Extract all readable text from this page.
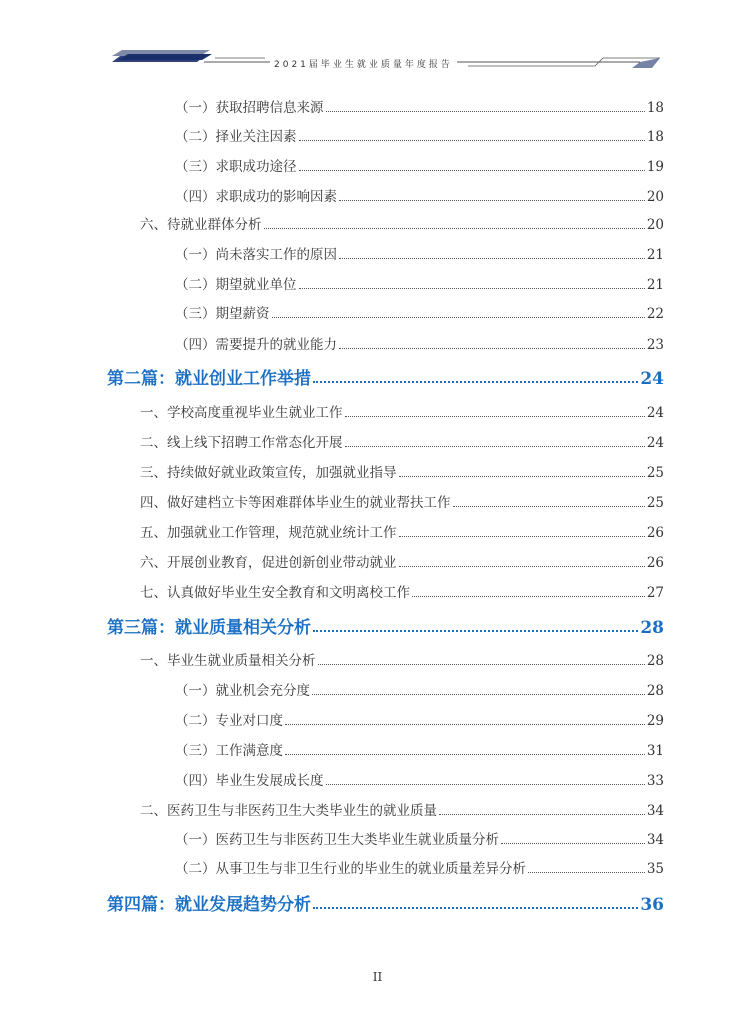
2021届毕业生就业质量年度报告
（一）获取招聘信息来源	18
（二）择业关注因素	18
（三）求职成功途径	19
（四）求职成功的影响因素	20
六、待就业群体分析	20
（一）尚未落实工作的原因	21
（二）期望就业单位	21
（三）期望薪资	22
（四）需要提升的就业能力	23
第二篇：就业创业工作举措	24
一、学校高度重视毕业生就业工作	24
二、线上线下招聘工作常态化开展	24
三、持续做好就业政策宣传，加强就业指导	25
四、做好建档立卡等困难群体毕业生的就业帮扶工作	25
五、加强就业工作管理，规范就业统计工作	26
六、开展创业教育，促进创新创业带动就业	26
七、认真做好毕业生安全教育和文明离校工作	27
第三篇：就业质量相关分析	28
一、毕业生就业质量相关分析	28
（一）就业机会充分度	28
（二）专业对口度	29
（三）工作满意度	31
（四）毕业生发展成长度	33
二、医药卫生与非医药卫生大类毕业生的就业质量	34
（一）医药卫生与非医药卫生大类毕业生就业质量分析	34
（二）从事卫生与非卫生行业的毕业生的就业质量差异分析	35
第四篇：就业发展趋势分析	36
II
